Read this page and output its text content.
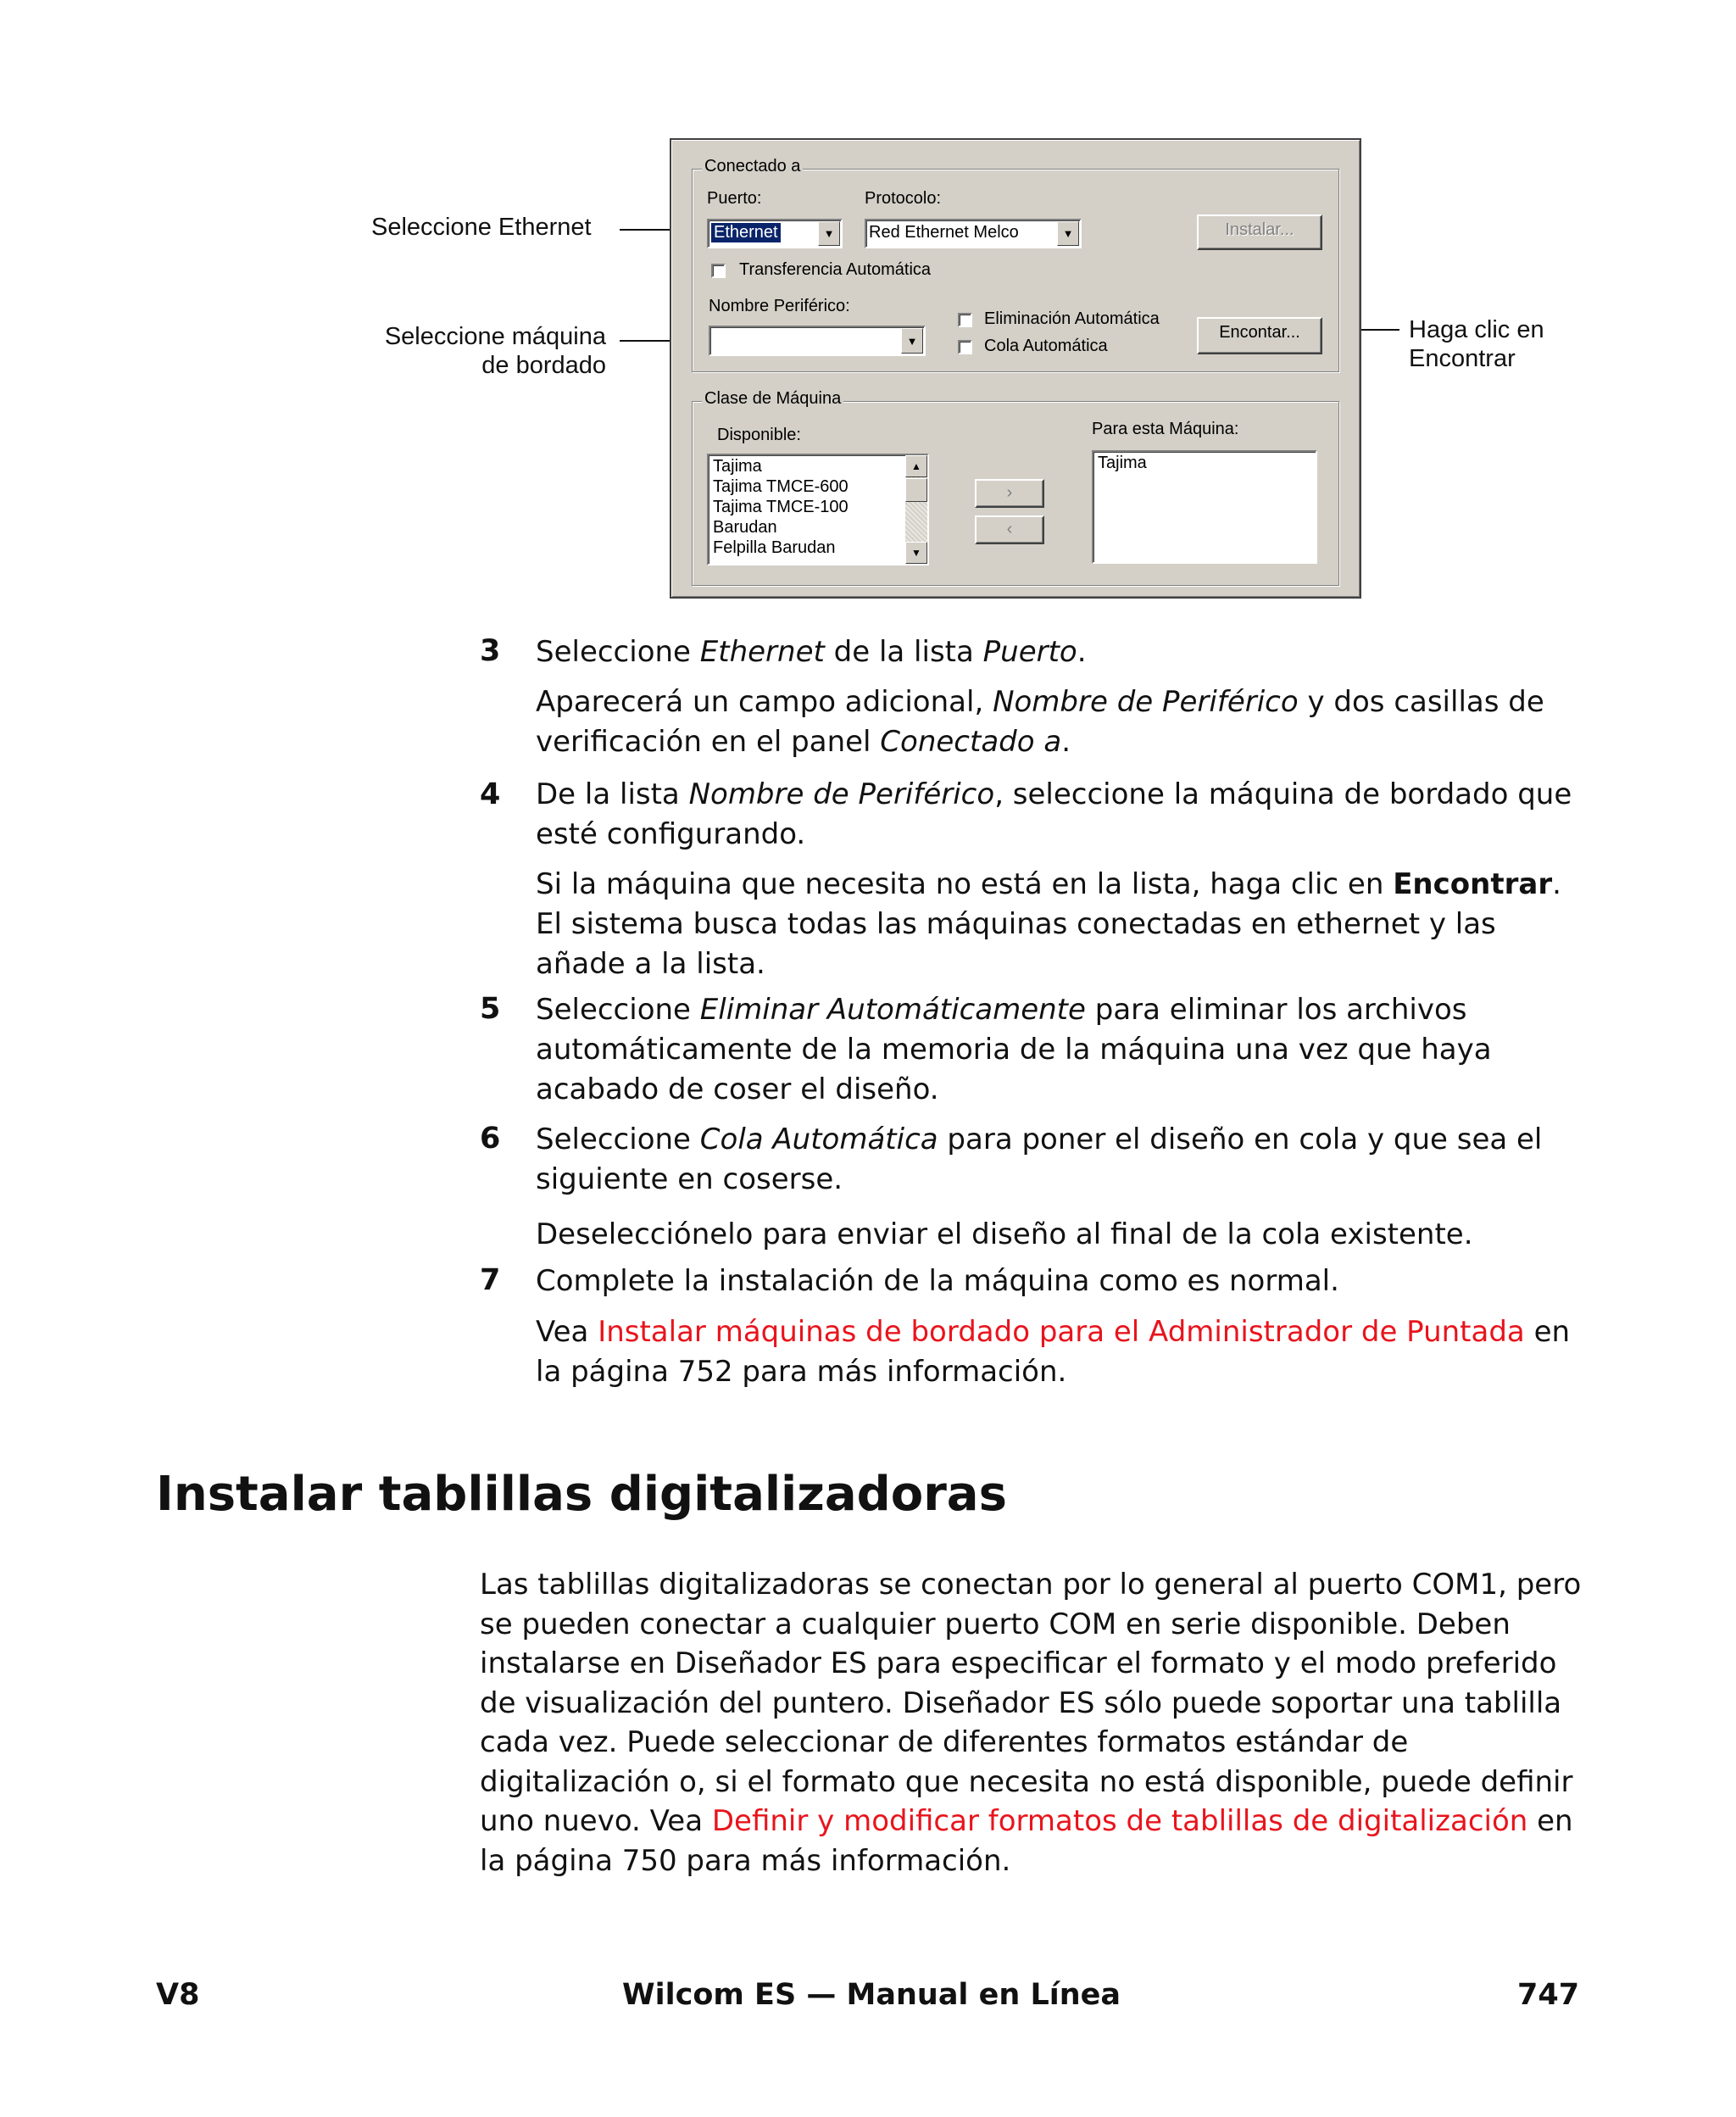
Seleccione Ethernet
Seleccione máquina
de bordado
Haga clic en
Encontrar
Conectado a
Puerto:
Ethernet	▼
Protocolo:
Red Ethernet Melco	▼	Instalar...
Transferencia Automática
Nombre Periférico:
▼
Eliminación Automática
Cola Automática
Encontar...
Clase de Máquina
Disponible:
Tajima
Tajima TMCE-600
Tajima TMCE-100
Barudan
Felpilla Barudan
▲
▼
›
‹
Para esta Máquina:
Tajima
3 Seleccione Ethernet de la lista Puerto.
Aparecerá un campo adicional, Nombre de Periférico y dos casillas de verificación en el panel Conectado a.
4 De la lista Nombre de Periférico, seleccione la máquina de bordado que esté configurando.
Si la máquina que necesita no está en la lista, haga clic en Encontrar. El sistema busca todas las máquinas conectadas en ethernet y las añade a la lista.
5 Seleccione Eliminar Automáticamente para eliminar los archivos automáticamente de la memoria de la máquina una vez que haya acabado de coser el diseño.
6 Seleccione Cola Automática para poner el diseño en cola y que sea el siguiente en coserse.
Deselecciónelo para enviar el diseño al final de la cola existente.
7 Complete la instalación de la máquina como es normal.
Vea Instalar máquinas de bordado para el Administrador de Puntada en la página 752 para más información.
Instalar tablillas digitalizadoras
Las tablillas digitalizadoras se conectan por lo general al puerto COM1, pero se pueden conectar a cualquier puerto COM en serie disponible. Deben instalarse en Diseñador ES para especificar el formato y el modo preferido de visualización del puntero. Diseñador ES sólo puede soportar una tablilla cada vez. Puede seleccionar de diferentes formatos estándar de digitalización o, si el formato que necesita no está disponible, puede definir uno nuevo. Vea Definir y modificar formatos de tablillas de digitalización en la página 750 para más información.
V8	Wilcom ES — Manual en Línea	747
